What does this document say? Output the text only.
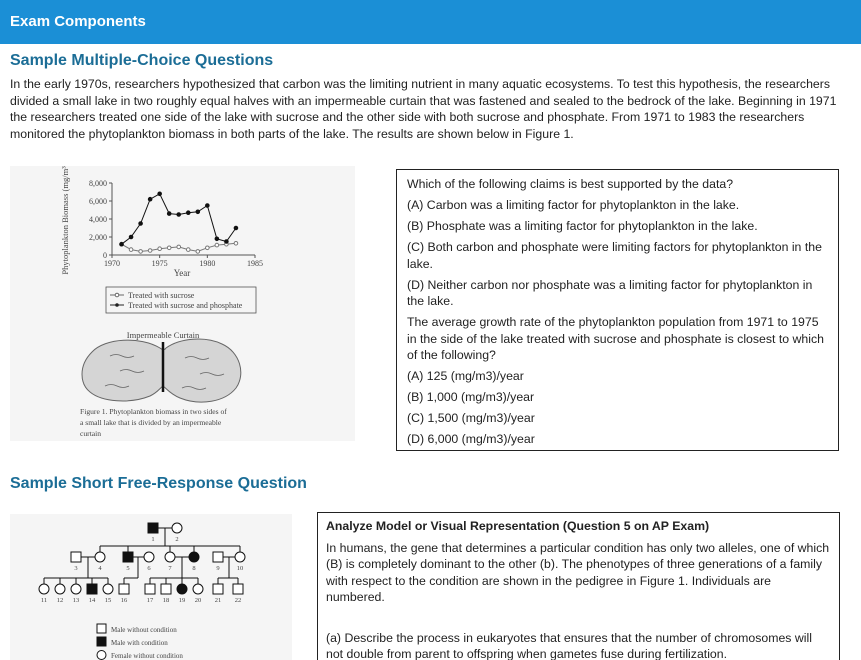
Exam Components
Sample Multiple-Choice Questions
In the early 1970s, researchers hypothesized that carbon was the limiting nutrient in many aquatic ecosystems. To test this hypothesis, the researchers divided a small lake in two roughly equal halves with an impermeable curtain that was fastened and sealed to the bedrock of the lake. Beginning in 1971 the researchers treated one side of the lake with sucrose and the other side with both sucrose and phosphate. From 1971 to 1983 the researchers monitored the phytoplankton biomass in both parts of the lake. The results are shown below in Figure 1.
Phytoplankton Biomass (mg/m³)	Year
Treated with sucrose
Treated with sucrose and phosphate
0
2,000
4,000
6,000
8,000
1970	1975	1980	1985
Impermeable Curtain
Figure 1. Phytoplankton biomass in two sides of
a small lake that is divided by an impermeable
curtain

Which of the following claims is best supported by the data?

(A) Carbon was a limiting factor for phytoplankton in the lake.

(B) Phosphate was a limiting factor for phytoplankton in the lake.

(C) Both carbon and phosphate were limiting factors for phytoplankton in the lake.

(D) Neither carbon nor phosphate was a limiting factor for phytoplankton in the lake.

The average growth rate of the phytoplankton population from 1971 to 1975 in the side of the lake treated with sucrose and phosphate is closest to which of the following?

(A) 125 (mg/m3)/year

(B) 1,000 (mg/m3)/year

(C) 1,500 (mg/m3)/year

(D) 6,000 (mg/m3)/year

Sample Short Free-Response Question
1	2
3	4	5	6	7	8	9	10
11 12 13 14 15 16	17 18 19 20 21 22
Male without condition
Male with condition
Female without condition
Analyze Model or Visual Representation (Question 5 on AP Exam)
In humans, the gene that determines a particular condition has only two alleles, one of which (B) is completely dominant to the other (b). The phenotypes of three generations of a family with respect to the condition are shown in the pedigree in Figure 1. Individuals are numbered.
(a) Describe the process in eukaryotes that ensures that the number of chromosomes will not double from parent to offspring when gametes fuse during fertilization.
